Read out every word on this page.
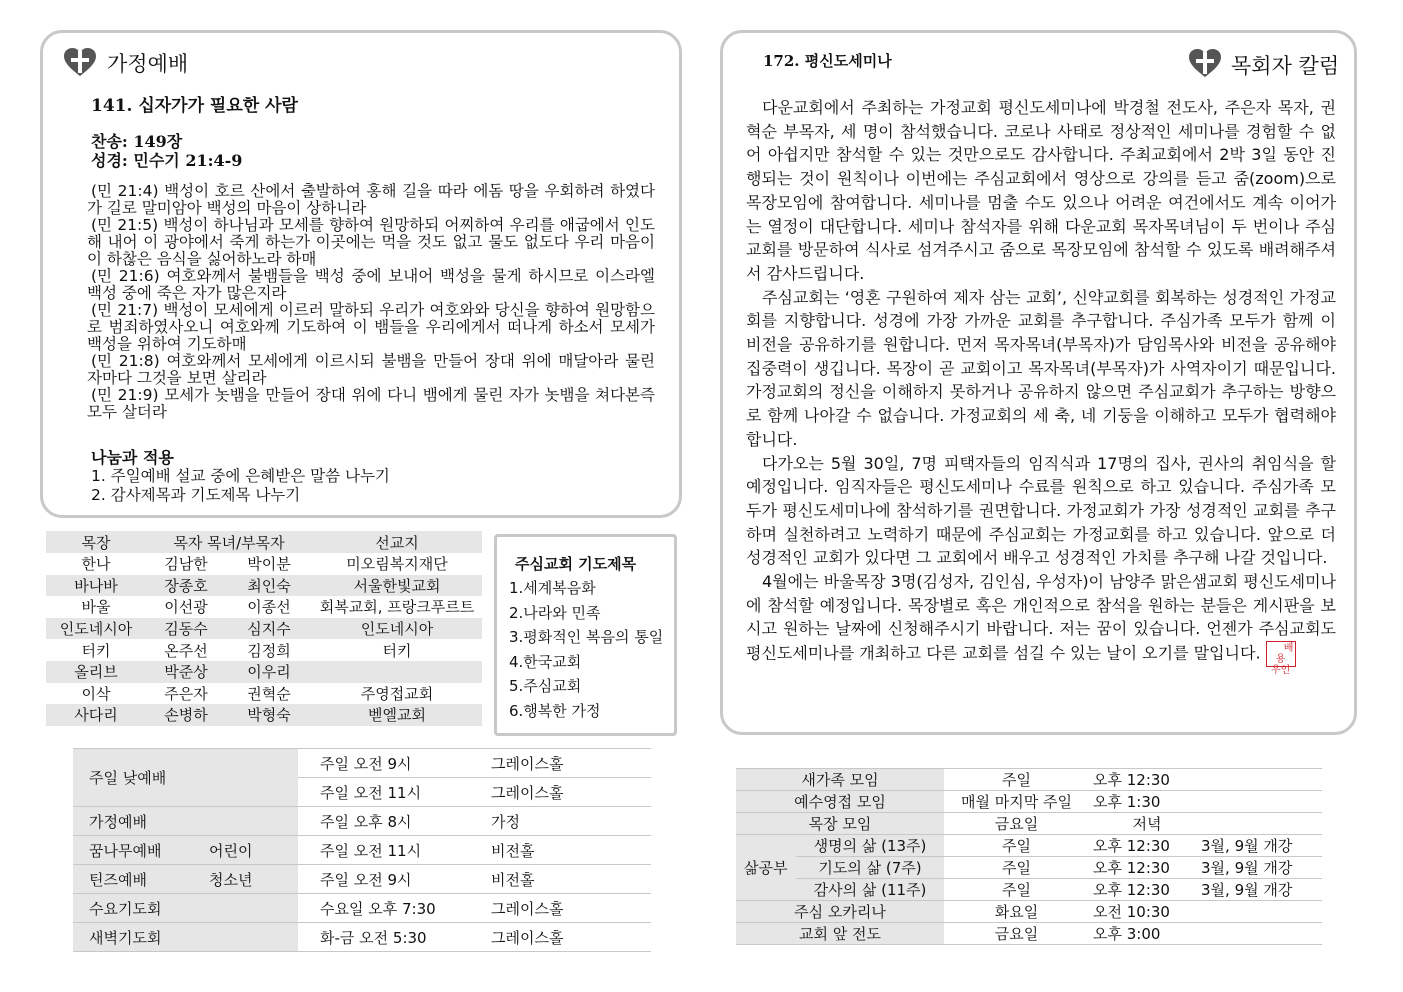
가정예배
141. 십자가가 필요한 사람
찬송: 149장
성경: 민수기 21:4-9
(민 21:4) 백성이 호르 산에서 출발하여 홍해 길을 따라 에돔 땅을 우회하려 하였다가 길로 말미암아 백성의 마음이 상하니라
(민 21:5) 백성이 하나님과 모세를 향하여 원망하되 어찌하여 우리를 애굽에서 인도해 내어 이 광야에서 죽게 하는가 이곳에는 먹을 것도 없고 물도 없도다 우리 마음이 이 하찮은 음식을 싫어하노라 하매
(민 21:6) 여호와께서 불뱀들을 백성 중에 보내어 백성을 물게 하시므로 이스라엘 백성 중에 죽은 자가 많은지라
(민 21:7) 백성이 모세에게 이르러 말하되 우리가 여호와와 당신을 향하여 원망함으로 범죄하였사오니 여호와께 기도하여 이 뱀들을 우리에게서 떠나게 하소서 모세가 백성을 위하여 기도하매
(민 21:8) 여호와께서 모세에게 이르시되 불뱀을 만들어 장대 위에 매달아라 물린 자마다 그것을 보면 살리라
(민 21:9) 모세가 놋뱀을 만들어 장대 위에 다니 뱀에게 물린 자가 놋뱀을 쳐다본즉 모두 살더라
나눔과 적용
1. 주일예배 설교 중에 은혜받은 말씀 나누기
2. 감사제목과 기도제목 나누기
목장	목자 목녀/부목자		선교지
한나	김남한	박이분	미오림복지재단
바나바	장종호	최인숙	서울한빛교회
바울	이선광	이종선	회복교회, 프랑크푸르트
인도네시아	김동수	심지수	인도네시아
터키	온주선	김정희	터키
올리브	박준상	이우리	
이삭	주은자	권혁순	주영접교회
사다리	손병하	박형숙	벧엘교회
주심교회 기도제목
1.세계복음화
2.나라와 민족
3.평화적인 복음의 통일
4.한국교회
5.주심교회
6.행복한 가정
주일 낮예배	주일 오전 9시	그레이스홀
	주일 오전 11시	그레이스홀
가정예배	주일 오후 8시	가정
꿈나무예배 어린이	주일 오전 11시	비전홀
틴즈예배 청소년	주일 오전 9시	비전홀
수요기도회	수요일 오후 7:30	그레이스홀
새벽기도회	화-금 오전 5:30	그레이스홀
172. 평신도세미나	목회자 칼럼

다운교회에서 주최하는 가정교회 평신도세미나에 박경철 전도사, 주은자 목자, 권혁순 부목자, 세 명이 참석했습니다. 코로나 사태로 정상적인 세미나를 경험할 수 없어 아쉽지만 참석할 수 있는 것만으로도 감사합니다. 주최교회에서 2박 3일 동안 진행되는 것이 원칙이나 이번에는 주심교회에서 영상으로 강의를 듣고 줌(zoom)으로 목장모임에 참여합니다. 세미나를 멈출 수도 있으나 어려운 여건에서도 계속 이어가는 열정이 대단합니다. 세미나 참석자를 위해 다운교회 목자목녀님이 두 번이나 주심교회를 방문하여 식사로 섬겨주시고 줌으로 목장모임에 참석할 수 있도록 배려해주셔서 감사드립니다.

주심교회는 ‘영혼 구원하여 제자 삼는 교회’, 신약교회를 회복하는 성경적인 가정교회를 지향합니다. 성경에 가장 가까운 교회를 추구합니다. 주심가족 모두가 함께 이 비전을 공유하기를 원합니다. 먼저 목자목녀(부목자)가 담임목사와 비전을 공유해야 집중력이 생깁니다. 목장이 곧 교회이고 목자목녀(부목자)가 사역자이기 때문입니다. 가정교회의 정신을 이해하지 못하거나 공유하지 않으면 주심교회가 추구하는 방향으로 함께 나아갈 수 없습니다. 가정교회의 세 축, 네 기둥을 이해하고 모두가 협력해야 합니다.

다가오는 5월 30일, 7명 피택자들의 임직식과 17명의 집사, 권사의 취임식을 할 예정입니다. 임직자들은 평신도세미나 수료를 원칙으로 하고 있습니다. 주심가족 모두가 평신도세미나에 참석하기를 권면합니다. 가정교회가 가장 성경적인 교회를 추구하며 실천하려고 노력하기 때문에 주심교회는 가정교회를 하고 있습니다. 앞으로 더 성경적인 교회가 있다면 그 교회에서 배우고 성경적인 가치를 추구해 나갈 것입니다.

4월에는 바울목장 3명(김성자, 김인심, 우성자)이 남양주 맑은샘교회 평신도세미나에 참석할 예정입니다. 목장별로 혹은 개인적으로 참석을 원하는 분들은 게시판을 보시고 원하는 날짜에 신청해주시기 바랍니다. 저는 꿈이 있습니다. 언젠가 주심교회도 평신도세미나를 개최하고 다른 교회를 섬길 수 있는 날이 오기를 말입니다. 배용
우인

새가족 모임		주일	오후 12:30	
예수영접 모임		매월 마지막 주일	오후 1:30	
목장 모임		금요일	저녁	
삶공부	생명의 삶 (13주)	주일	오후 12:30	3월, 9월 개강
	기도의 삶 (7주)	주일	오후 12:30	3월, 9월 개강
	감사의 삶 (11주)	주일	오후 12:30	3월, 9월 개강
주심 오카리나		화요일	오전 10:30	
교회 앞 전도		금요일	오후 3:00	
